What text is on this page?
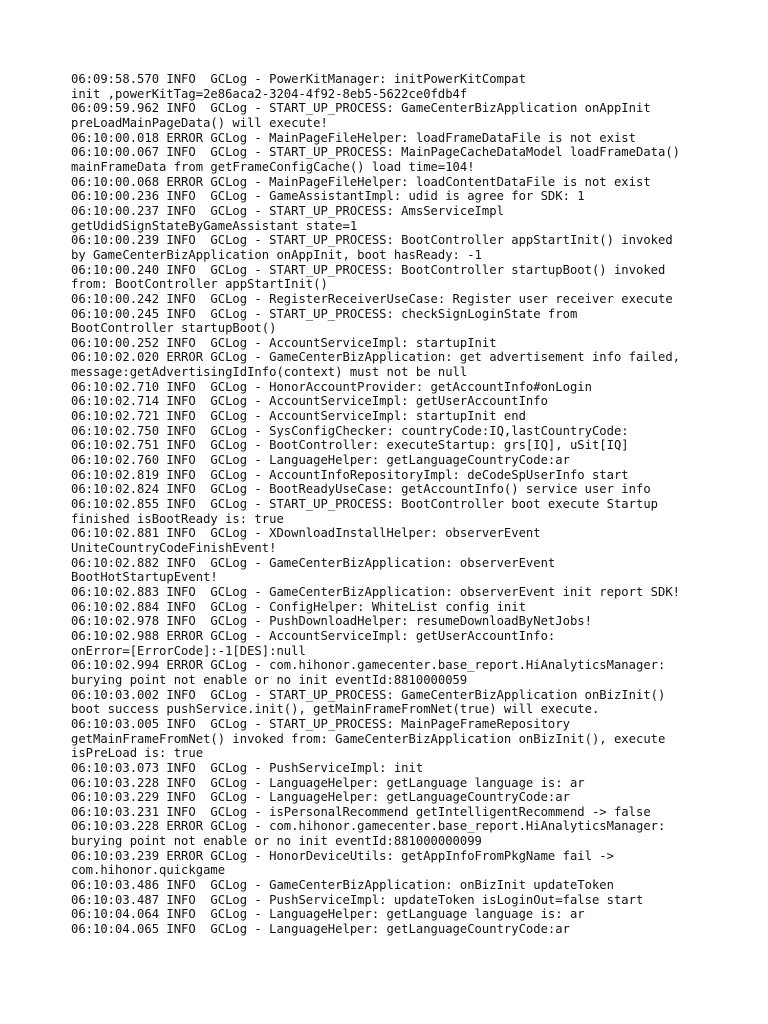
06:09:58.570 INFO  GCLog - PowerKitManager: initPowerKitCompat
init ,powerKitTag=2e86aca2-3204-4f92-8eb5-5622ce0fdb4f
06:09:59.962 INFO  GCLog - START_UP_PROCESS: GameCenterBizApplication onAppInit
preLoadMainPageData() will execute!
06:10:00.018 ERROR GCLog - MainPageFileHelper: loadFrameDataFile is not exist
06:10:00.067 INFO  GCLog - START_UP_PROCESS: MainPageCacheDataModel loadFrameData()
mainFrameData from getFrameConfigCache() load time=104!
06:10:00.068 ERROR GCLog - MainPageFileHelper: loadContentDataFile is not exist
06:10:00.236 INFO  GCLog - GameAssistantImpl: udid is agree for SDK: 1
06:10:00.237 INFO  GCLog - START_UP_PROCESS: AmsServiceImpl
getUdidSignStateByGameAssistant state=1
06:10:00.239 INFO  GCLog - START_UP_PROCESS: BootController appStartInit() invoked
by GameCenterBizApplication onAppInit, boot hasReady: -1
06:10:00.240 INFO  GCLog - START_UP_PROCESS: BootController startupBoot() invoked
from: BootController appStartInit()
06:10:00.242 INFO  GCLog - RegisterReceiverUseCase: Register user receiver execute
06:10:00.245 INFO  GCLog - START_UP_PROCESS: checkSignLoginState from
BootController startupBoot()
06:10:00.252 INFO  GCLog - AccountServiceImpl: startupInit
06:10:02.020 ERROR GCLog - GameCenterBizApplication: get advertisement info failed,
message:getAdvertisingIdInfo(context) must not be null
06:10:02.710 INFO  GCLog - HonorAccountProvider: getAccountInfo#onLogin
06:10:02.714 INFO  GCLog - AccountServiceImpl: getUserAccountInfo
06:10:02.721 INFO  GCLog - AccountServiceImpl: startupInit end
06:10:02.750 INFO  GCLog - SysConfigChecker: countryCode:IQ,lastCountryCode:
06:10:02.751 INFO  GCLog - BootController: executeStartup: grs[IQ], uSit[IQ]
06:10:02.760 INFO  GCLog - LanguageHelper: getLanguageCountryCode:ar
06:10:02.819 INFO  GCLog - AccountInfoRepositoryImpl: deCodeSpUserInfo start
06:10:02.824 INFO  GCLog - BootReadyUseCase: getAccountInfo() service user info
06:10:02.855 INFO  GCLog - START_UP_PROCESS: BootController boot execute Startup
finished isBootReady is: true
06:10:02.881 INFO  GCLog - XDownloadInstallHelper: observerEvent
UniteCountryCodeFinishEvent!
06:10:02.882 INFO  GCLog - GameCenterBizApplication: observerEvent
BootHotStartupEvent!
06:10:02.883 INFO  GCLog - GameCenterBizApplication: observerEvent init report SDK!
06:10:02.884 INFO  GCLog - ConfigHelper: WhiteList config init
06:10:02.978 INFO  GCLog - PushDownloadHelper: resumeDownloadByNetJobs!
06:10:02.988 ERROR GCLog - AccountServiceImpl: getUserAccountInfo:
onError=[ErrorCode]:-1[DES]:null
06:10:02.994 ERROR GCLog - com.hihonor.gamecenter.base_report.HiAnalyticsManager:
burying point not enable or no init eventId:8810000059
06:10:03.002 INFO  GCLog - START_UP_PROCESS: GameCenterBizApplication onBizInit()
boot success pushService.init(), getMainFrameFromNet(true) will execute.
06:10:03.005 INFO  GCLog - START_UP_PROCESS: MainPageFrameRepository
getMainFrameFromNet() invoked from: GameCenterBizApplication onBizInit(), execute
isPreLoad is: true
06:10:03.073 INFO  GCLog - PushServiceImpl: init
06:10:03.228 INFO  GCLog - LanguageHelper: getLanguage language is: ar
06:10:03.229 INFO  GCLog - LanguageHelper: getLanguageCountryCode:ar
06:10:03.231 INFO  GCLog - isPersonalRecommend getIntelligentRecommend -> false
06:10:03.228 ERROR GCLog - com.hihonor.gamecenter.base_report.HiAnalyticsManager:
burying point not enable or no init eventId:881000000099
06:10:03.239 ERROR GCLog - HonorDeviceUtils: getAppInfoFromPkgName fail ->
com.hihonor.quickgame
06:10:03.486 INFO  GCLog - GameCenterBizApplication: onBizInit updateToken
06:10:03.487 INFO  GCLog - PushServiceImpl: updateToken isLoginOut=false start
06:10:04.064 INFO  GCLog - LanguageHelper: getLanguage language is: ar
06:10:04.065 INFO  GCLog - LanguageHelper: getLanguageCountryCode:ar
